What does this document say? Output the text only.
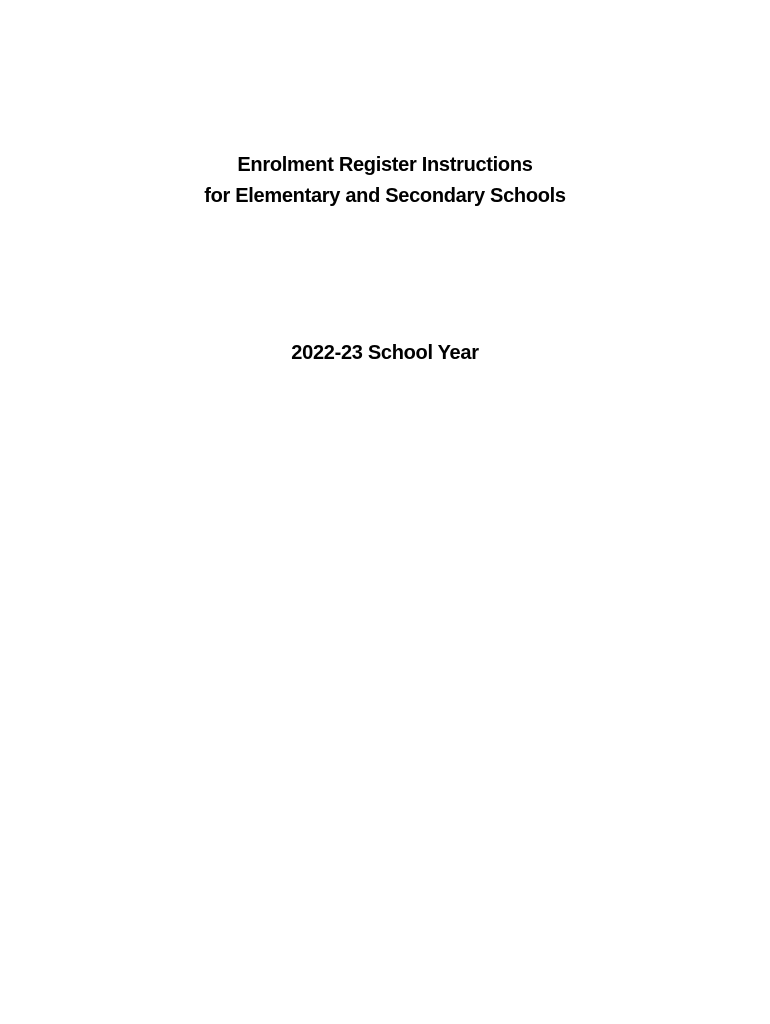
Enrolment Register Instructions
for Elementary and Secondary Schools
2022-23 School Year
